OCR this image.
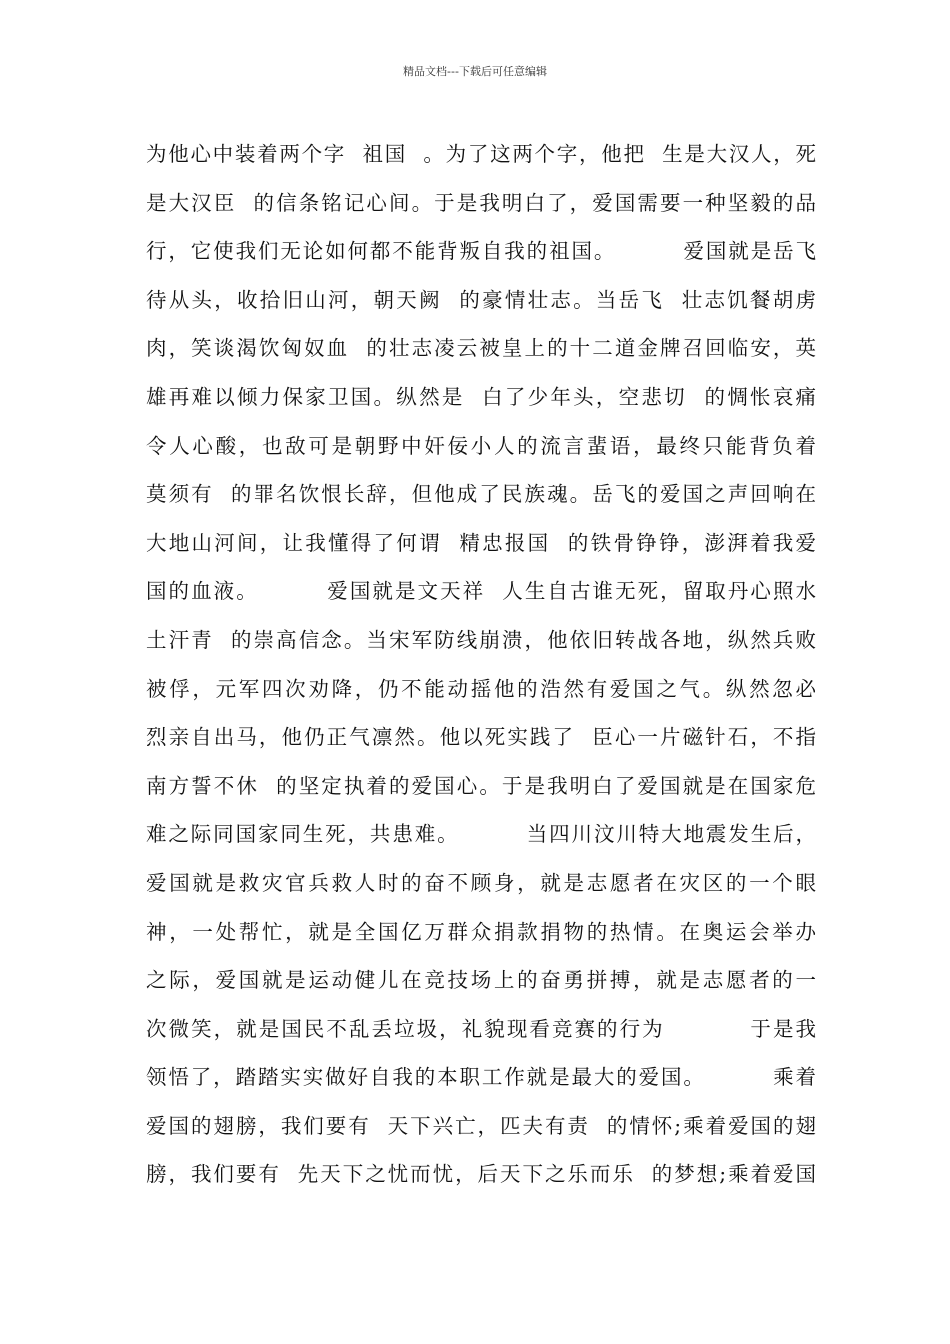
精品文档---下载后可任意编辑
为他心中装着两个字  祖国  。为了这两个字，他把  生是大汉人，死
是大汉臣  的信条铭记心间。于是我明白了，爱国需要一种坚毅的品
行，它使我们无论如何都不能背叛自我的祖国。        爱国就是岳飞
待从头，收拾旧山河，朝天阙  的豪情壮志。当岳飞  壮志饥餐胡虏
肉，笑谈渴饮匈奴血  的壮志凌云被皇上的十二道金牌召回临安，英
雄再难以倾力保家卫国。纵然是  白了少年头，空悲切  的惆怅哀痛
令人心酸，也敌可是朝野中奸佞小人的流言蜚语，最终只能背负着
莫须有  的罪名饮恨长辞，但他成了民族魂。岳飞的爱国之声回响在
大地山河间，让我懂得了何谓  精忠报国  的铁骨铮铮，澎湃着我爱
国的血液。        爱国就是文天祥  人生自古谁无死，留取丹心照水
土汗青  的崇高信念。当宋军防线崩溃，他依旧转战各地，纵然兵败
被俘，元军四次劝降，仍不能动摇他的浩然有爱国之气。纵然忽必
烈亲自出马，他仍正气凛然。他以死实践了  臣心一片磁针石，不指
南方誓不休  的坚定执着的爱国心。于是我明白了爱国就是在国家危
难之际同国家同生死，共患难。        当四川汶川特大地震发生后，
爱国就是救灾官兵救人时的奋不顾身，就是志愿者在灾区的一个眼
神，一处帮忙，就是全国亿万群众捐款捐物的热情。在奥运会举办
之际，爱国就是运动健儿在竞技场上的奋勇拼搏，就是志愿者的一
次微笑，就是国民不乱丢垃圾，礼貌现看竞赛的行为          于是我
领悟了，踏踏实实做好自我的本职工作就是最大的爱国。        乘着
爱国的翅膀，我们要有  天下兴亡，匹夫有责  的情怀;乘着爱国的翅
膀，我们要有  先天下之忧而忧，后天下之乐而乐  的梦想;乘着爱国
